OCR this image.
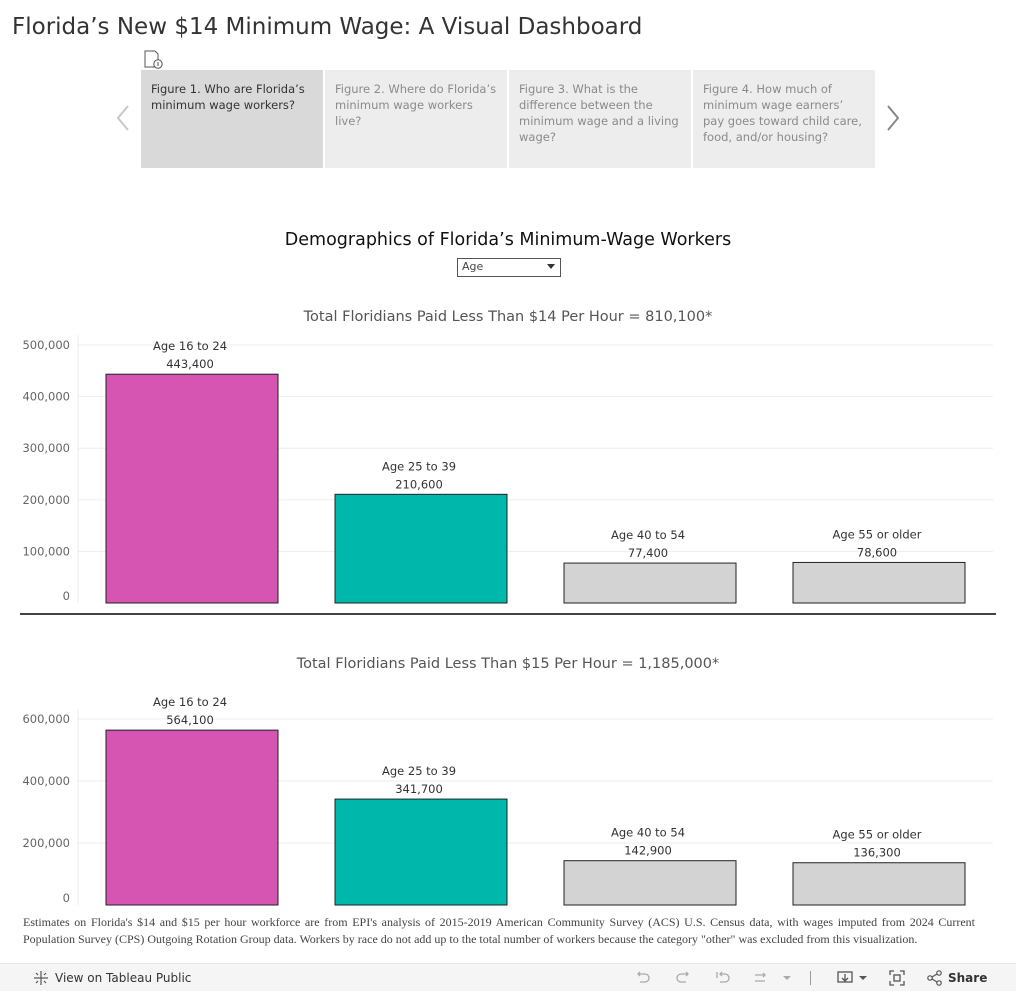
Florida’s New $14 Minimum Wage: A Visual Dashboard
Figure 1. Who are Florida’s minimum wage workers?
Figure 2. Where do Florida’s minimum wage workers live?
Figure 3. What is the difference between the minimum wage and a living wage?
Figure 4. How much of minimum wage earners’ pay goes toward child care, food, and/or housing?
Demographics of Florida’s Minimum-Wage Workers
Age
Total Floridians Paid Less Than $14 Per Hour = 810,100*
0
100,000
200,000
300,000
400,000
500,000	Age 16 to 24
443,400
Age 25 to 39
210,600
Age 40 to 54
77,400
Age 55 or older
78,600
Total Floridians Paid Less Than $15 Per Hour = 1,185,000*
0
200,000
400,000
600,000
Age 16 to 24
564,100
Age 25 to 39
341,700
Age 40 to 54
142,900
Age 55 or older
136,300
Estimates on Florida's $14 and $15 per hour workforce are from EPI's analysis of 2015-2019 American Community Survey (ACS) U.S. Census data, with wages imputed from 2024 Current Population Survey (CPS) Outgoing Rotation Group data. Workers by race do not add up to the total number of workers because the category "other" was excluded from this visualization.
View on Tableau Public	Share
